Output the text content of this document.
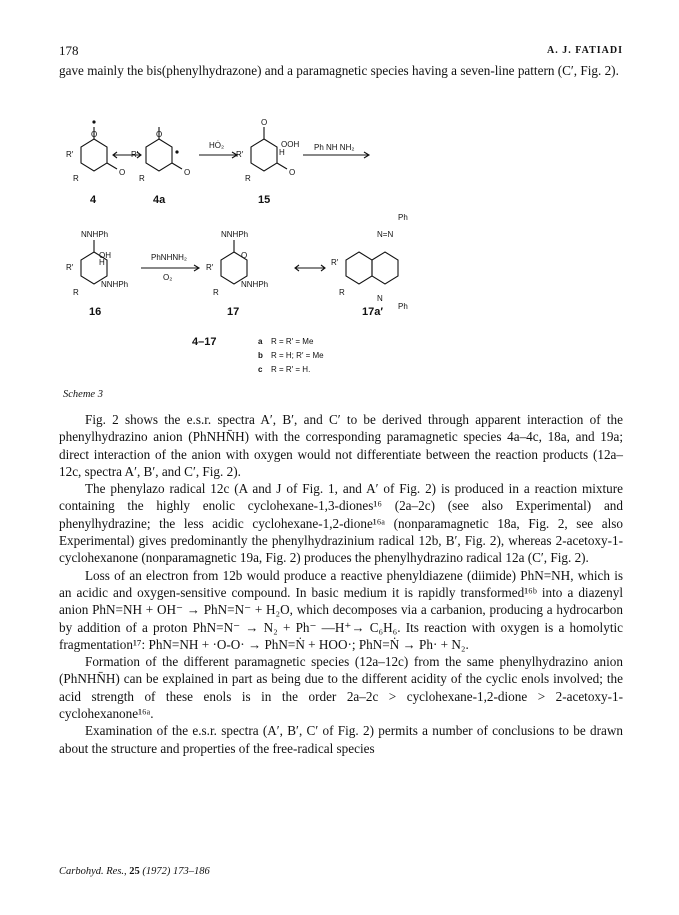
178	A. J. FATIADI
gave mainly the bis(phenylhydrazone) and a paramagnetic species having a seven-line pattern (C′, Fig. 2).
O
R′
O
R
O
R′
O
R
HȮ₂
O
R′
OOH
H
O
R
Ph NH NH₂
4	4a	15
NNHPh
OH
H
R′
NNHPh
R
PhNHNH₂
O₂
NNHPh
O
R′
NNHPh
R
Ph
N=N
R′
R
N
Ph
16	17	17a′
4–17	a R = R′ = Me
b R = H; R′ = Me
c R = R′ = H.
Scheme 3
Fig. 2 shows the e.s.r. spectra A′, B′, and C′ to be derived through apparent interaction of the phenylhydrazino anion (PhNHN̄H) with the corresponding paramagnetic species 4a–4c, 18a, and 19a; direct interaction of the anion with oxygen would not differentiate between the reaction products (12a–12c, spectra A′, B′, and C′, Fig. 2).
The phenylazo radical 12c (A and J of Fig. 1, and A′ of Fig. 2) is produced in a reaction mixture containing the highly enolic cyclohexane-1,3-diones¹⁶ (2a–2c) (see also Experimental) and phenylhydrazine; the less acidic cyclohexane-1,2-dione¹⁶ᵃ (nonparamagnetic 18a, Fig. 2, see also Experimental) gives predominantly the phenylhydrazinium radical 12b, B′, Fig. 2), whereas 2-acetoxy-1-cyclohexanone (nonparamagnetic 19a, Fig. 2) produces the phenylhydrazino radical 12a (C′, Fig. 2).
Loss of an electron from 12b would produce a reactive phenyldiazene (diimide) PhN=NH, which is an acidic and oxygen-sensitive compound. In basic medium it is rapidly transformed¹⁶ᵇ into a diazenyl anion PhN=NH + OH⁻ → PhN=N⁻ + H₂O, which decomposes via a carbanion, producing a hydrocarbon by addition of a proton PhN=N⁻ → N₂ + Ph⁻ —H⁺→ C₆H₆. Its reaction with oxygen is a homolytic fragmentation¹⁷: PhN=NH + ·O-O· → PhN=Ṅ + HOO·; PhN=Ṅ → Ph· + N₂.
Formation of the different paramagnetic species (12a–12c) from the same phenylhydrazino anion (PhNHN̄H) can be explained in part as being due to the different acidity of the cyclic enols involved; the acid strength of these enols is in the order 2a–2c > cyclohexane-1,2-dione > 2-acetoxy-1-cyclohexanone¹⁶ᵃ.
Examination of the e.s.r. spectra (A′, B′, C′ of Fig. 2) permits a number of conclusions to be drawn about the structure and properties of the free-radical species
Carbohyd. Res., 25 (1972) 173–186
